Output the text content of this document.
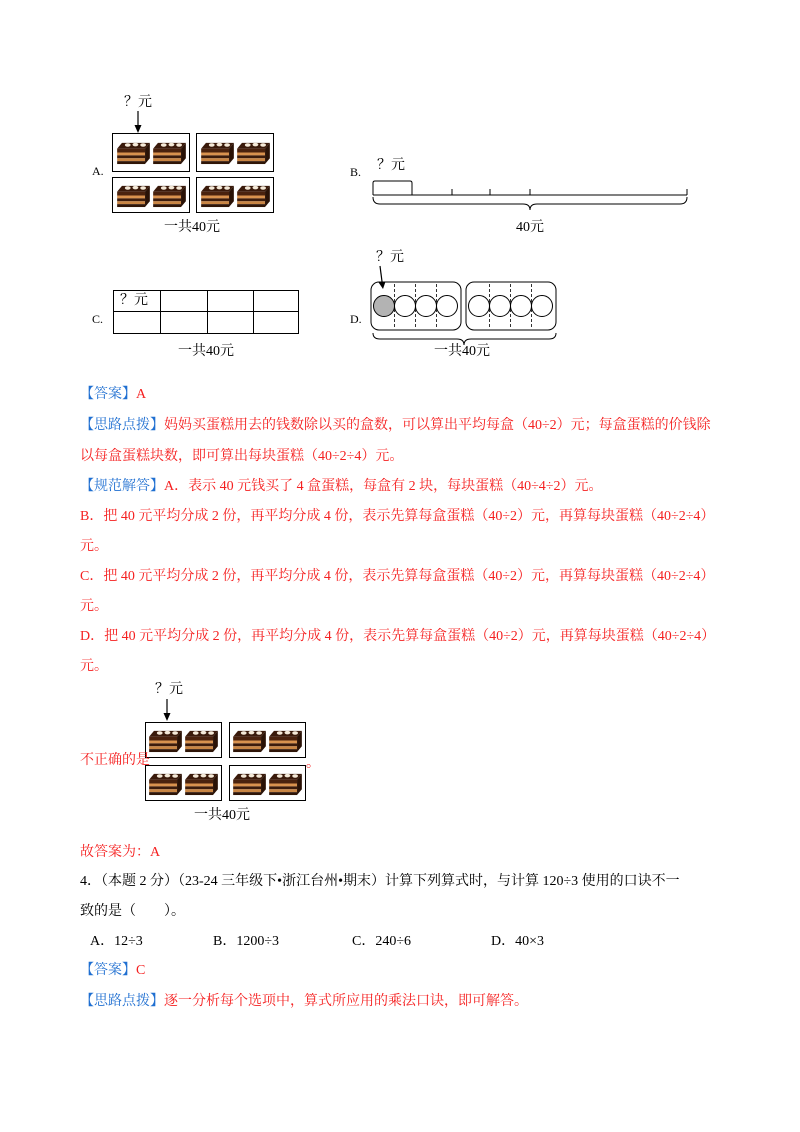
A.
？元
一共40元
B. ？元
40元
C.
？元
一共40元
D.
？元
一共40元
【答案】A
【思路点拨】妈妈买蛋糕用去的钱数除以买的盒数，可以算出平均每盒（40÷2）元；每盒蛋糕的价钱除
以每盒蛋糕块数，即可算出每块蛋糕（40÷2÷4）元。
【规范解答】A．表示 40 元钱买了 4 盒蛋糕，每盒有 2 块，每块蛋糕（40÷4÷2）元。
B．把 40 元平均分成 2 份，再平均分成 4 份，表示先算每盒蛋糕（40÷2）元，再算每块蛋糕（40÷2÷4）
元。
C．把 40 元平均分成 2 份，再平均分成 4 份，表示先算每盒蛋糕（40÷2）元，再算每块蛋糕（40÷2÷4）
元。
D．把 40 元平均分成 2 份，再平均分成 4 份，表示先算每盒蛋糕（40÷2）元，再算每块蛋糕（40÷2÷4）
元。
？元
不正确的是	。
一共40元
故答案为：A
4．（本题 2 分）（23-24 三年级下•浙江台州•期末）计算下列算式时，与计算 120÷3 使用的口诀不一
致的是（　　）。
A．12÷3	B．1200÷3	C．240÷6	D．40×3
【答案】C
【思路点拨】逐一分析每个选项中，算式所应用的乘法口诀，即可解答。
